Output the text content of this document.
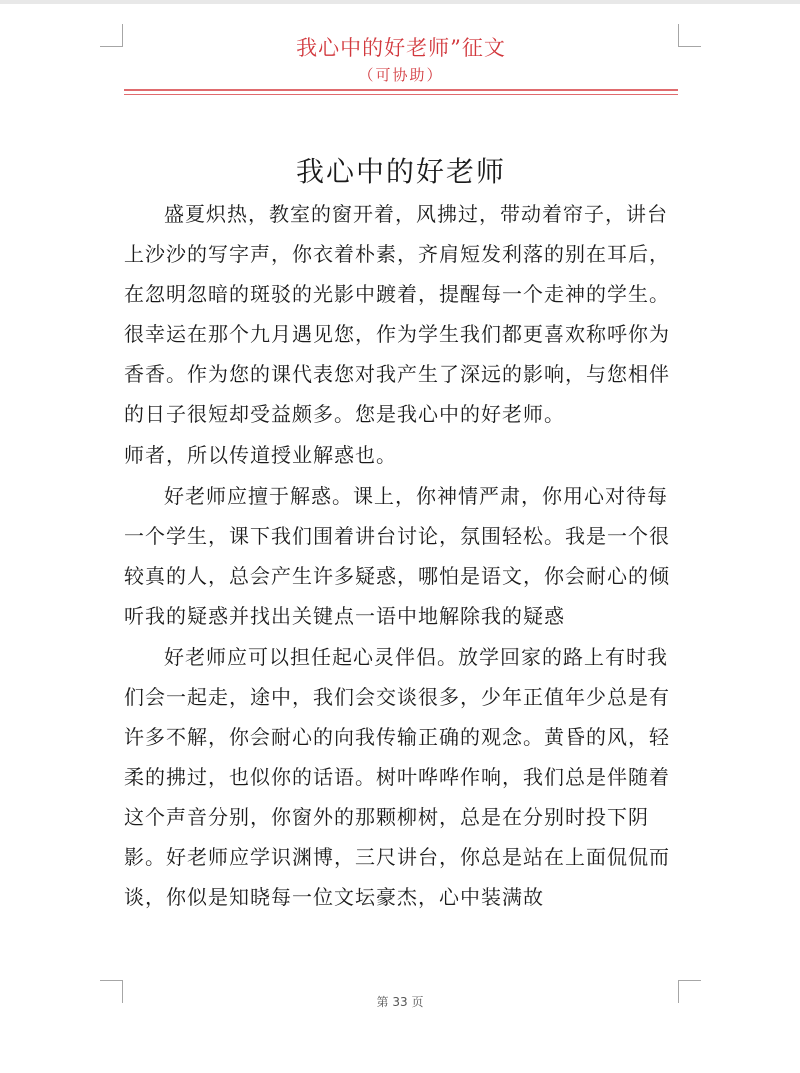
我心中的好老师”征文
（可协助）
我心中的好老师

盛夏炽热，教室的窗开着，风拂过，带动着帘子，讲台上沙沙的写字声，你衣着朴素，齐肩短发利落的别在耳后，在忽明忽暗的斑驳的光影中踱着，提醒每一个走神的学生。很幸运在那个九月遇见您，作为学生我们都更喜欢称呼你为香香。作为您的课代表您对我产生了深远的影响，与您相伴的日子很短却受益颇多。您是我心中的好老师。

师者，所以传道授业解惑也。

好老师应擅于解惑。课上，你神情严肃，你用心对待每一个学生，课下我们围着讲台讨论，氛围轻松。我是一个很较真的人，总会产生许多疑惑，哪怕是语文，你会耐心的倾听我的疑惑并找出关键点一语中地解除我的疑惑

好老师应可以担任起心灵伴侣。放学回家的路上有时我们会一起走，途中，我们会交谈很多，少年正值年少总是有许多不解，你会耐心的向我传输正确的观念。黄昏的风，轻柔的拂过，也似你的话语。树叶哗哗作响，我们总是伴随着这个声音分别，你窗外的那颗柳树，总是在分别时投下阴影。好老师应学识渊博，三尺讲台，你总是站在上面侃侃而谈，你似是知晓每一位文坛豪杰，心中装满故

第 33 页
